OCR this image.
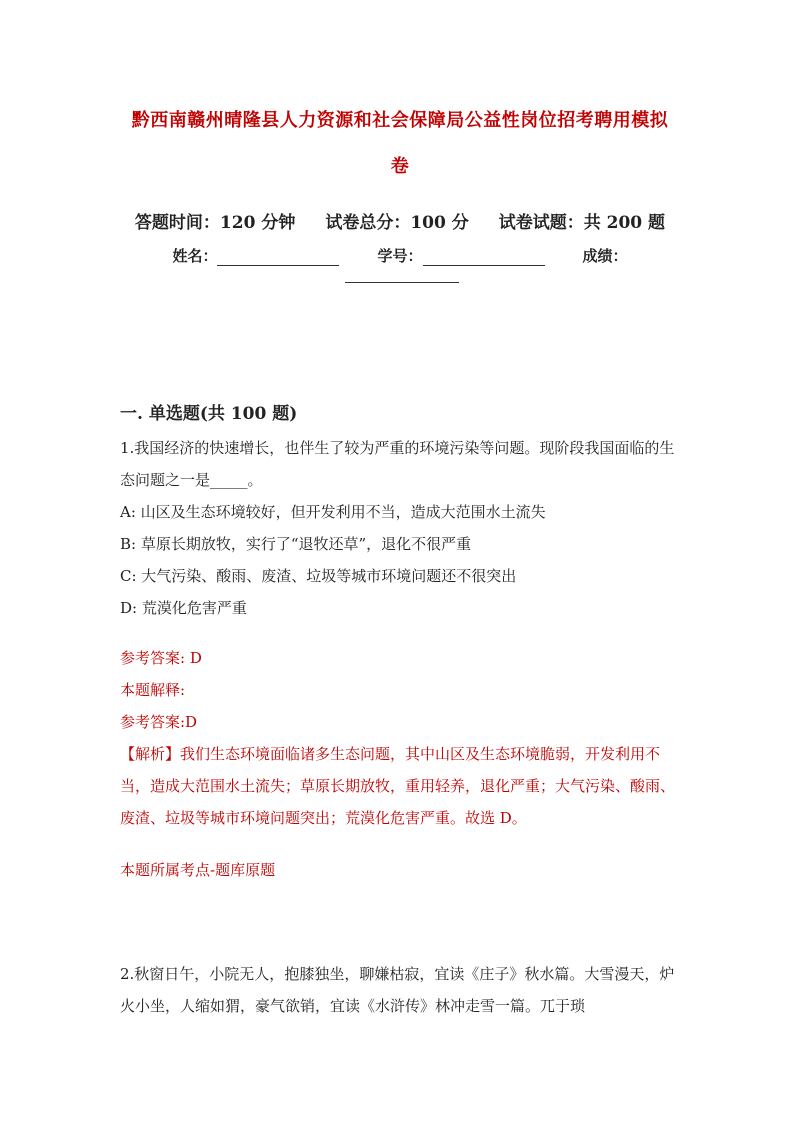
黔西南赣州晴隆县人力资源和社会保障局公益性岗位招考聘用模拟
卷
答题时间：120 分钟 试卷总分：100 分 试卷试题：共 200 题
姓名：	学号：	成绩：
一. 单选题(共 100 题)

1.我国经济的快速增长，也伴生了较为严重的环境污染等问题。现阶段我国面临的生态问题之一是_____。

A: 山区及生态环境较好，但开发利用不当，造成大范围水土流失

B: 草原长期放牧，实行了“退牧还草”，退化不很严重

C: 大气污染、酸雨、废渣、垃圾等城市环境问题还不很突出

D: 荒漠化危害严重

参考答案: D

本题解释:

参考答案:D

【解析】我们生态环境面临诸多生态问题，其中山区及生态环境脆弱，开发利用不当，造成大范围水土流失；草原长期放牧，重用轻养，退化严重；大气污染、酸雨、废渣、垃圾等城市环境问题突出；荒漠化危害严重。故选 D。

本题所属考点-题库原题

2.秋窗日午，小院无人，抱膝独坐，聊嫌枯寂，宜读《庄子》秋水篇。大雪漫天，炉火小坐，人缩如猬，豪气欲销，宜读《水浒传》林冲走雪一篇。兀于琐
